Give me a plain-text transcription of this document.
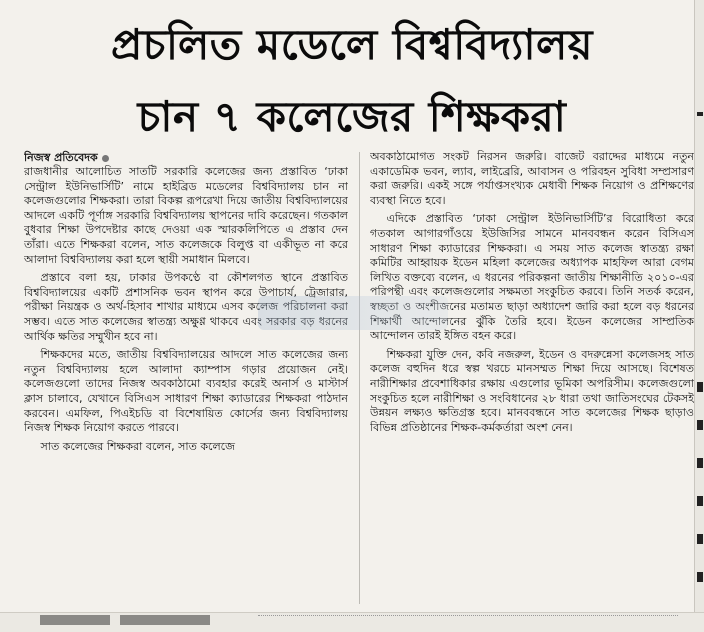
প্রচলিত মডেলে বিশ্ববিদ্যালয়
চান ৭ কলেজের শিক্ষকরা
নিজস্ব প্রতিবেদক

রাজধানীর আলোচিত সাতটি সরকারি কলেজের জন্য প্রস্তাবিত ‘ঢাকা সেন্ট্রাল ইউনিভার্সিটি’ নামে হাইব্রিড মডেলের বিশ্ববিদ্যালয় চান না কলেজগুলোর শিক্ষকরা। তারা বিকল্প রূপরেখা দিয়ে জাতীয় বিশ্ববিদ্যালয়ের আদলে একটি পূর্ণাঙ্গ সরকারি বিশ্ববিদ্যালয় স্থাপনের দাবি করেছেন। গতকাল বুধবার শিক্ষা উপদেষ্টার কাছে দেওয়া এক স্মারকলিপিতে এ প্রস্তাব দেন তাঁরা। এতে শিক্ষকরা বলেন, সাত কলেজকে বিলুপ্ত বা একীভূত না করে আলাদা বিশ্ববিদ্যালয় করা হলে স্থায়ী সমাধান মিলবে।

প্রস্তাবে বলা হয়, ঢাকার উপকণ্ঠে বা কৌশলগত স্থানে প্রস্তাবিত বিশ্ববিদ্যালয়ের একটি প্রশাসনিক ভবন স্থাপন করে উপাচার্য, ট্রেজারার, পরীক্ষা নিয়ন্ত্রক ও অর্থ-হিসাব শাখার মাধ্যমে এসব কলেজ পরিচালনা করা সম্ভব। এতে সাত কলেজের স্বাতন্ত্র্য অক্ষুণ্ণ থাকবে এবং সরকার বড় ধরনের আর্থিক ক্ষতির সম্মুখীন হবে না।

শিক্ষকদের মতে, জাতীয় বিশ্ববিদ্যালয়ের আদলে সাত কলেজের জন্য নতুন বিশ্ববিদ্যালয় হলে আলাদা ক্যাম্পাস গড়ার প্রয়োজন নেই। কলেজগুলো তাদের নিজস্ব অবকাঠামো ব্যবহার করেই অনার্স ও মাস্টার্স ক্লাস চালাবে, যেখানে বিসিএস সাধারণ শিক্ষা ক্যাডারের শিক্ষকরা পাঠদান করবেন। এমফিল, পিএইচডি বা বিশেষায়িত কোর্সের জন্য বিশ্ববিদ্যালয় নিজস্ব শিক্ষক নিয়োগ করতে পারবে।

সাত কলেজের শিক্ষকরা বলেন, সাত কলেজে

অবকাঠামোগত সংকট নিরসন জরুরি। বাজেট বরাদ্দের মাধ্যমে নতুন একাডেমিক ভবন, ল্যাব, লাইব্রেরি, আবাসন ও পরিবহন সুবিধা সম্প্রসারণ করা জরুরি। একই সঙ্গে পর্যাপ্তসংখ্যক মেধাবী শিক্ষক নিয়োগ ও প্রশিক্ষণের ব্যবস্থা নিতে হবে।

এদিকে প্রস্তাবিত ‘ঢাকা সেন্ট্রাল ইউনিভার্সিটি’র বিরোধিতা করে গতকাল আগারগাঁওয়ে ইউজিসির সামনে মানববন্ধন করেন বিসিএস সাধারণ শিক্ষা ক্যাডারের শিক্ষকরা। এ সময় সাত কলেজ স্বাতন্ত্র্য রক্ষা কমিটির আহ্বায়ক ইডেন মহিলা কলেজের অধ্যাপক মাহফিল আরা বেগম লিখিত বক্তব্যে বলেন, এ ধরনের পরিকল্পনা জাতীয় শিক্ষানীতি ২০১০-এর পরিপন্থী এবং কলেজগুলোর সক্ষমতা সংকুচিত করবে। তিনি সতর্ক করেন, স্বচ্ছতা ও অংশীজনের মতামত ছাড়া অধ্যাদেশ জারি করা হলে বড় ধরনের শিক্ষার্থী আন্দোলনের ঝুঁকি তৈরি হবে। ইডেন কলেজের সাম্প্রতিক আন্দোলন তারই ইঙ্গিত বহন করে।

শিক্ষকরা যুক্তি দেন, কবি নজরুল, ইডেন ও বদরুন্নেসা কলেজসহ সাত কলেজ বহুদিন ধরে স্বল্প খরচে মানসম্মত শিক্ষা দিয়ে আসছে। বিশেষত নারীশিক্ষার প্রবেশাধিকার রক্ষায় এগুলোর ভূমিকা অপরিসীম। কলেজগুলো সংকুচিত হলে নারীশিক্ষা ও সংবিধানের ২৮ ধারা তথা জাতিসংঘের টেকসই উন্নয়ন লক্ষ্যও ক্ষতিগ্রস্ত হবে। মানববন্ধনে সাত কলেজের শিক্ষক ছাড়াও বিভিন্ন প্রতিষ্ঠানের শিক্ষক-কর্মকর্তারা অংশ নেন।
